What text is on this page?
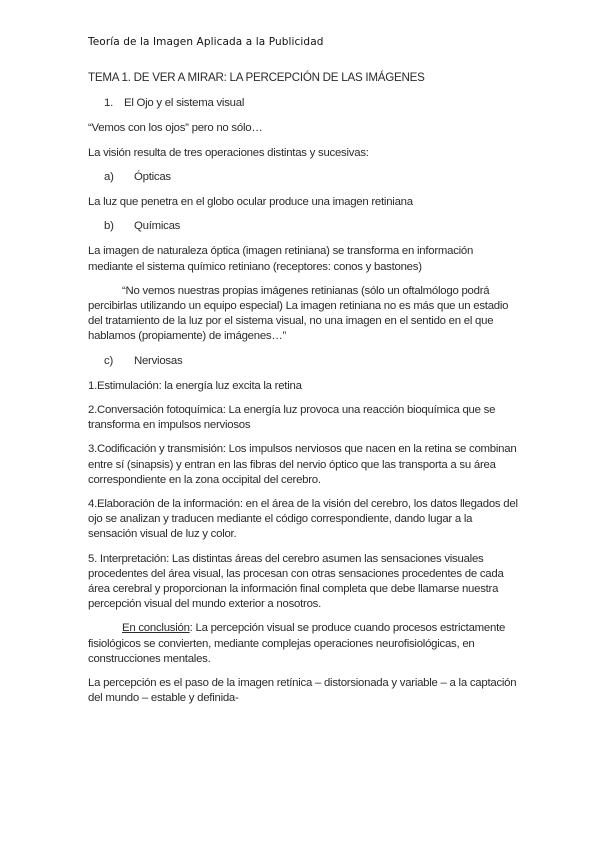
Teoría de la Imagen Aplicada a la Publicidad

TEMA 1. DE VER A MIRAR: LA PERCEPCIÓN DE LAS IMÁGENES

1. El Ojo y el sistema visual

“Vemos con los ojos” pero no sólo…

La visión resulta de tres operaciones distintas y sucesivas:

a)	Ópticas

La luz que penetra en el globo ocular produce una imagen retiniana

b)	Químicas

La imagen de naturaleza óptica (imagen retiniana) se transforma en información mediante el sistema químico retiniano (receptores: conos y bastones)

“No vemos nuestras propias imágenes retinianas (sólo un oftalmólogo podrá percibirlas utilizando un equipo especial) La imagen retiniana no es más que un estadio del tratamiento de la luz por el sistema visual, no una imagen en el sentido en el que hablamos (propiamente) de imágenes…”

c)	Nerviosas

1.Estimulación: la energía luz excita la retina

2.Conversación fotoquímica: La energía luz provoca una reacción bioquímica que se transforma en impulsos nerviosos

3.Codificación y transmisión: Los impulsos nerviosos que nacen en la retina se combinan entre sí (sinapsis) y entran en las fibras del nervio óptico que las transporta a su área correspondiente en la zona occipital del cerebro.

4.Elaboración de la información: en el área de la visión del cerebro, los datos llegados del ojo se analizan y traducen mediante el código correspondiente, dando lugar a la sensación visual de luz y color.

5. Interpretación: Las distintas áreas del cerebro asumen las sensaciones visuales procedentes del área visual, las procesan con otras sensaciones procedentes de cada área cerebral y proporcionan la información final completa que debe llamarse nuestra percepción visual del mundo exterior a nosotros.

En conclusión: La percepción visual se produce cuando procesos estrictamente fisiológicos se convierten, mediante complejas operaciones neurofisiológicas, en construcciones mentales.

La percepción es el paso de la imagen retínica – distorsionada y variable – a la captación del mundo – estable y definida-
